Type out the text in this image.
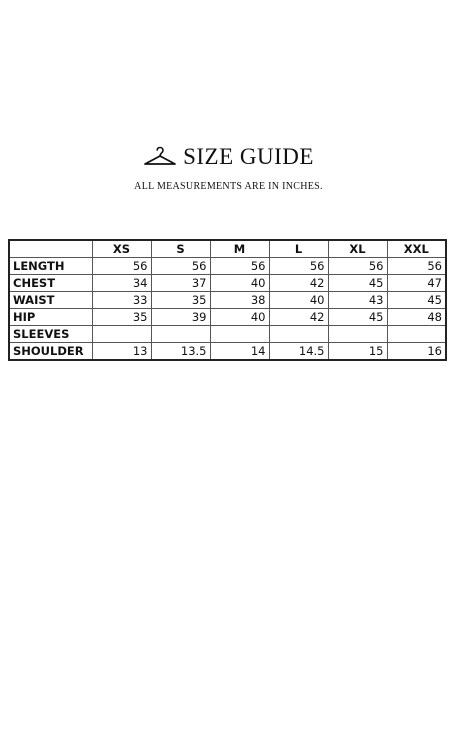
SIZE GUIDE
ALL MEASUREMENTS ARE IN INCHES.
	XS	S	M	L	XL	XXL
LENGTH	56	56	56	56	56	56
CHEST	34	37	40	42	45	47
WAIST	33	35	38	40	43	45
HIP	35	39	40	42	45	48
SLEEVES						
SHOULDER	13	13.5	14	14.5	15	16
